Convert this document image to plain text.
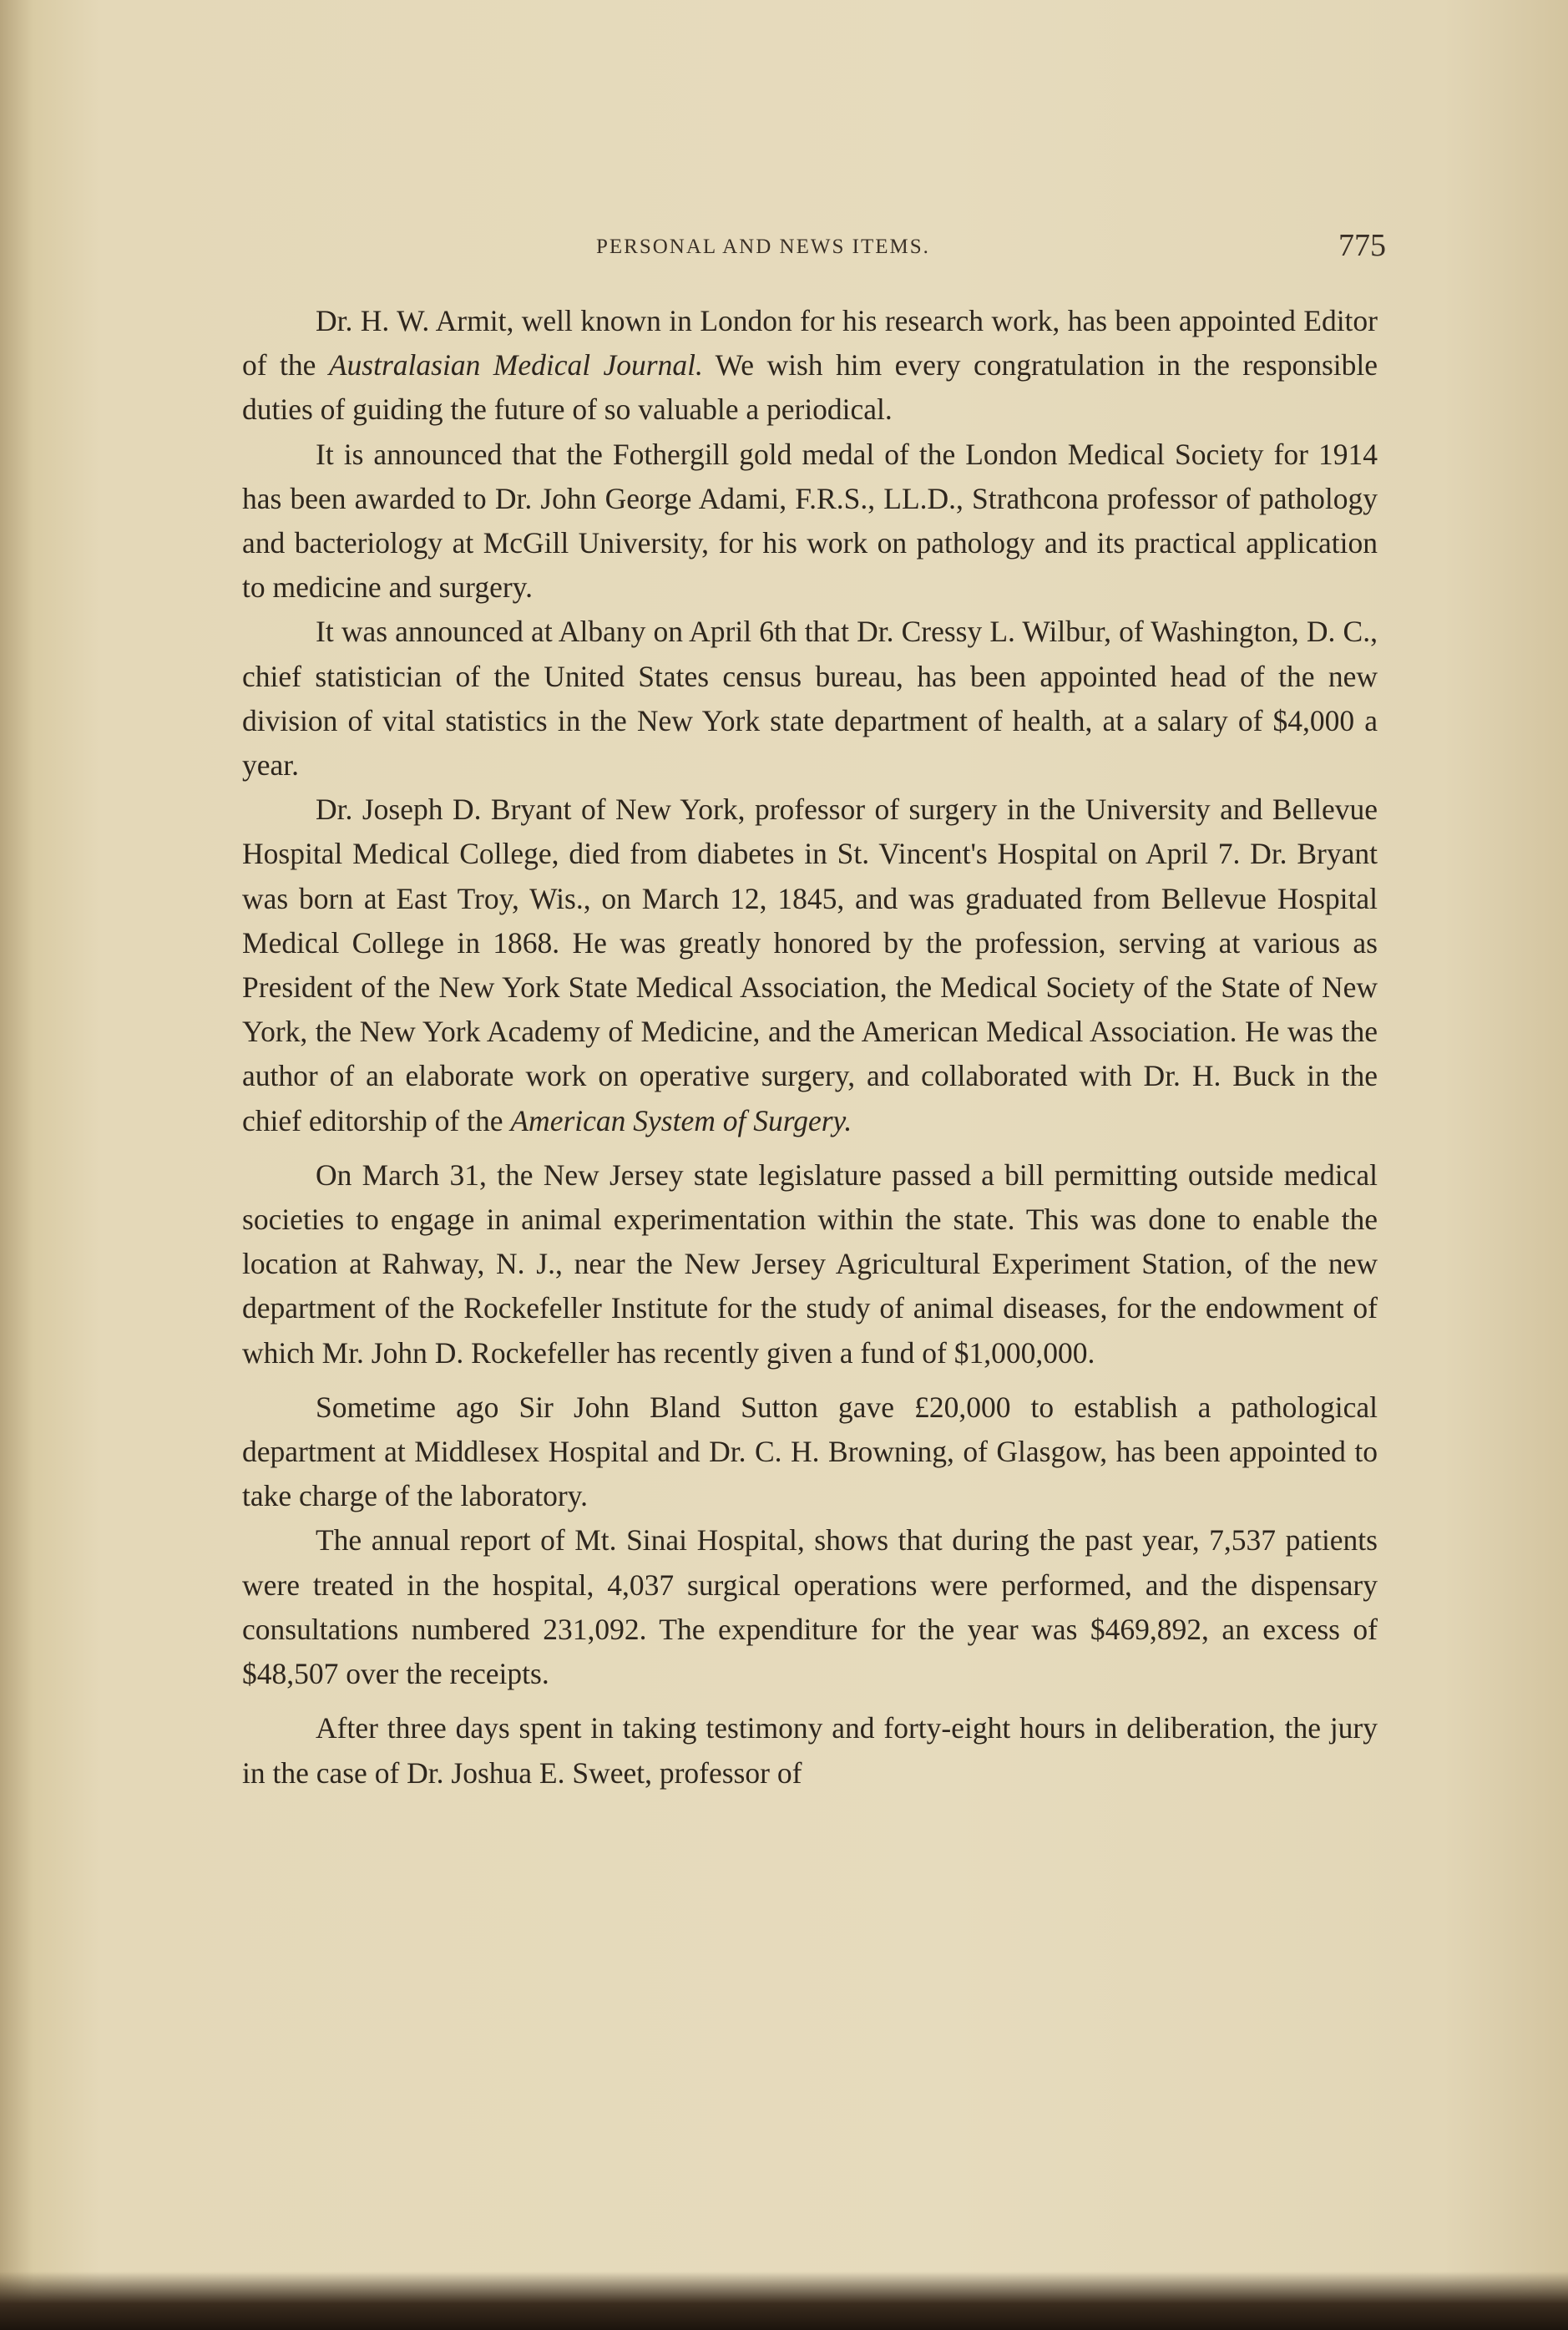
PERSONAL AND NEWS ITEMS.	775

Dr. H. W. Armit, well known in London for his research work, has been appointed Editor of the Australasian Medical Journal. We wish him every congratulation in the responsible duties of guiding the future of so valuable a periodical.

It is announced that the Fothergill gold medal of the London Medical Society for 1914 has been awarded to Dr. John George Adami, F.R.S., LL.D., Strathcona professor of pathology and bacteriology at McGill University, for his work on pathology and its practical application to medicine and surgery.

It was announced at Albany on April 6th that Dr. Cressy L. Wilbur, of Washington, D. C., chief statistician of the United States census bureau, has been appointed head of the new division of vital statistics in the New York state department of health, at a salary of $4,000 a year.

Dr. Joseph D. Bryant of New York, professor of surgery in the University and Bellevue Hospital Medical College, died from diabetes in St. Vincent's Hospital on April 7. Dr. Bryant was born at East Troy, Wis., on March 12, 1845, and was graduated from Bellevue Hospital Medical College in 1868. He was greatly honored by the profession, serving at various as President of the New York State Medical Association, the Medical Society of the State of New York, the New York Academy of Medicine, and the American Medical Association. He was the author of an elaborate work on operative surgery, and collaborated with Dr. H. Buck in the chief editorship of the American System of Surgery.

On March 31, the New Jersey state legislature passed a bill permitting outside medical societies to engage in animal experimentation within the state. This was done to enable the location at Rahway, N. J., near the New Jersey Agricultural Experiment Station, of the new department of the Rockefeller Institute for the study of animal diseases, for the endowment of which Mr. John D. Rockefeller has recently given a fund of $1,000,000.

Sometime ago Sir John Bland Sutton gave £20,000 to establish a pathological department at Middlesex Hospital and Dr. C. H. Browning, of Glasgow, has been appointed to take charge of the laboratory.

The annual report of Mt. Sinai Hospital, shows that during the past year, 7,537 patients were treated in the hospital, 4,037 surgical operations were performed, and the dispensary consultations numbered 231,092. The expenditure for the year was $469,892, an excess of $48,507 over the receipts.

After three days spent in taking testimony and forty-eight hours in deliberation, the jury in the case of Dr. Joshua E. Sweet, professor of
